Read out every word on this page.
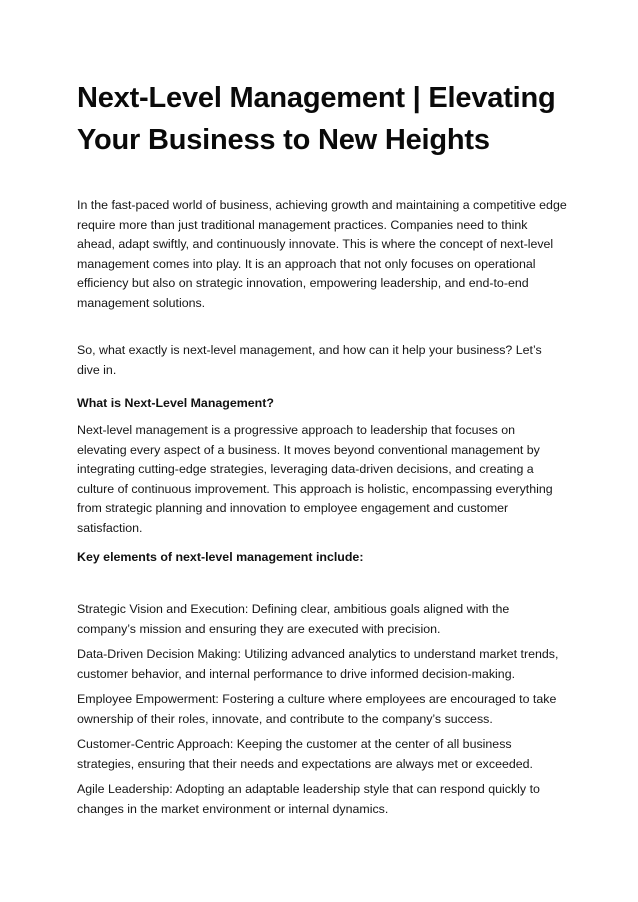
Next-Level Management | Elevating Your Business to New Heights

In the fast-paced world of business, achieving growth and maintaining a competitive edge require more than just traditional management practices. Companies need to think ahead, adapt swiftly, and continuously innovate. This is where the concept of next-level management comes into play. It is an approach that not only focuses on operational efficiency but also on strategic innovation, empowering leadership, and end-to-end management solutions.

So, what exactly is next-level management, and how can it help your business? Let’s dive in.

What is Next-Level Management?

Next-level management is a progressive approach to leadership that focuses on elevating every aspect of a business. It moves beyond conventional management by integrating cutting-edge strategies, leveraging data-driven decisions, and creating a culture of continuous improvement. This approach is holistic, encompassing everything from strategic planning and innovation to employee engagement and customer satisfaction.

Key elements of next-level management include:

Strategic Vision and Execution: Defining clear, ambitious goals aligned with the company’s mission and ensuring they are executed with precision.

Data-Driven Decision Making: Utilizing advanced analytics to understand market trends, customer behavior, and internal performance to drive informed decision-making.

Employee Empowerment: Fostering a culture where employees are encouraged to take ownership of their roles, innovate, and contribute to the company’s success.

Customer-Centric Approach: Keeping the customer at the center of all business strategies, ensuring that their needs and expectations are always met or exceeded.

Agile Leadership: Adopting an adaptable leadership style that can respond quickly to changes in the market environment or internal dynamics.
